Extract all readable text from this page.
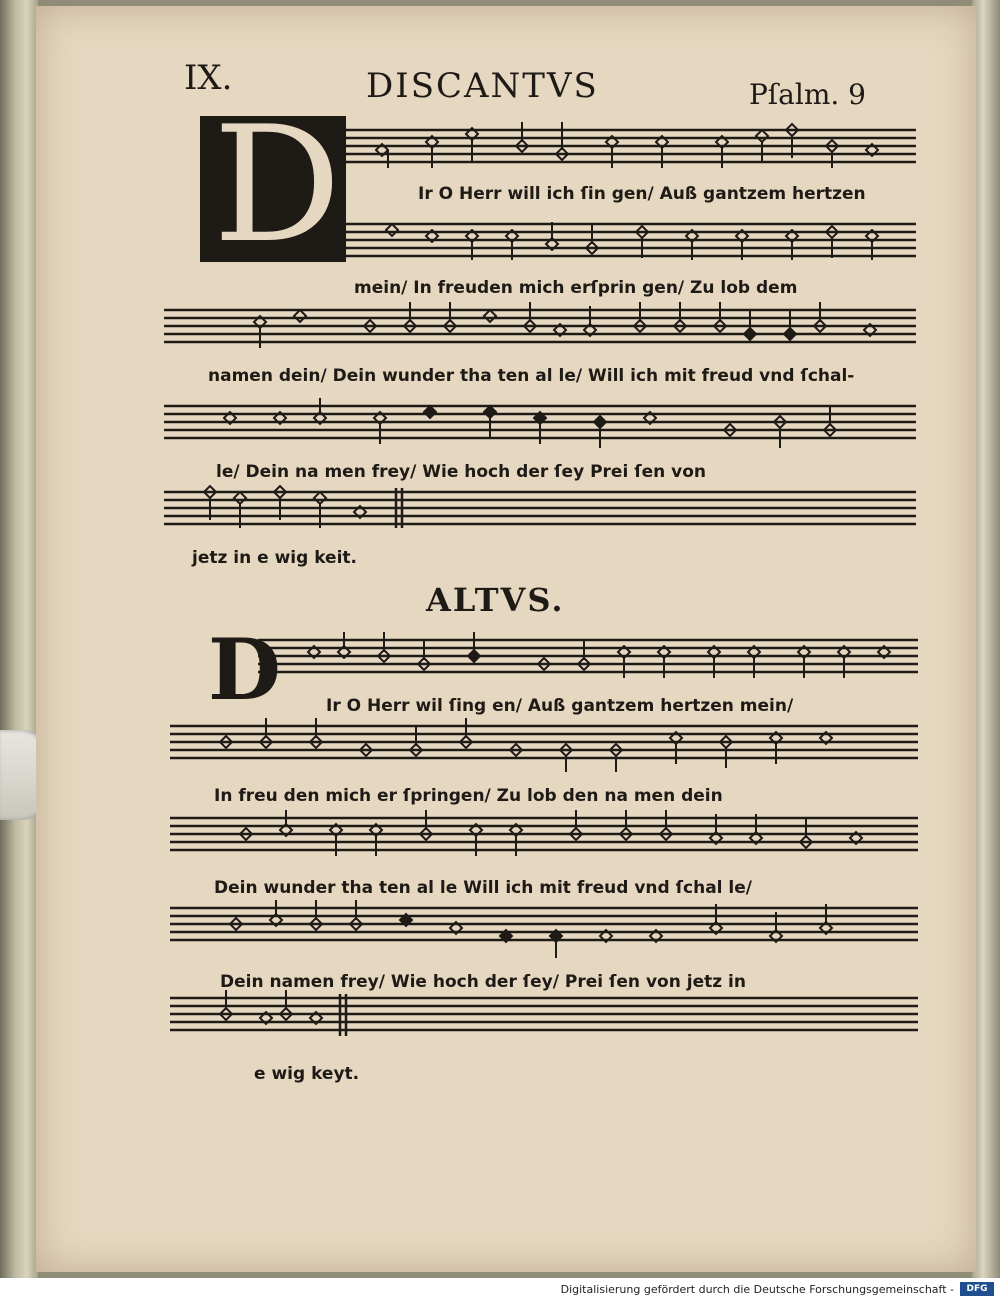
IX.	DISCANTVS	Pſalm. 9
D	Ir O Herr will ich ſin gen/ Auß gantzem hertzen
mein/ In freuden mich erſprin gen/ Zu lob dem
namen dein/ Dein wunder tha ten al le/ Will ich mit freud vnd ſchal-
le/ Dein na men frey/ Wie hoch der ſey Prei ſen von
jetz in e wig keit.
ALTVS.
D	Ir O Herr wil ſing en/ Auß gantzem hertzen mein/
In freu den mich er ſpringen/ Zu lob den na men dein
Dein wunder tha ten al le Will ich mit freud vnd ſchal le/
Dein namen frey/ Wie hoch der ſey/ Prei ſen von jetz in
e wig keyt.
Digitalisierung gefördert durch die Deutsche Forschungsgemeinschaft -	DFG
